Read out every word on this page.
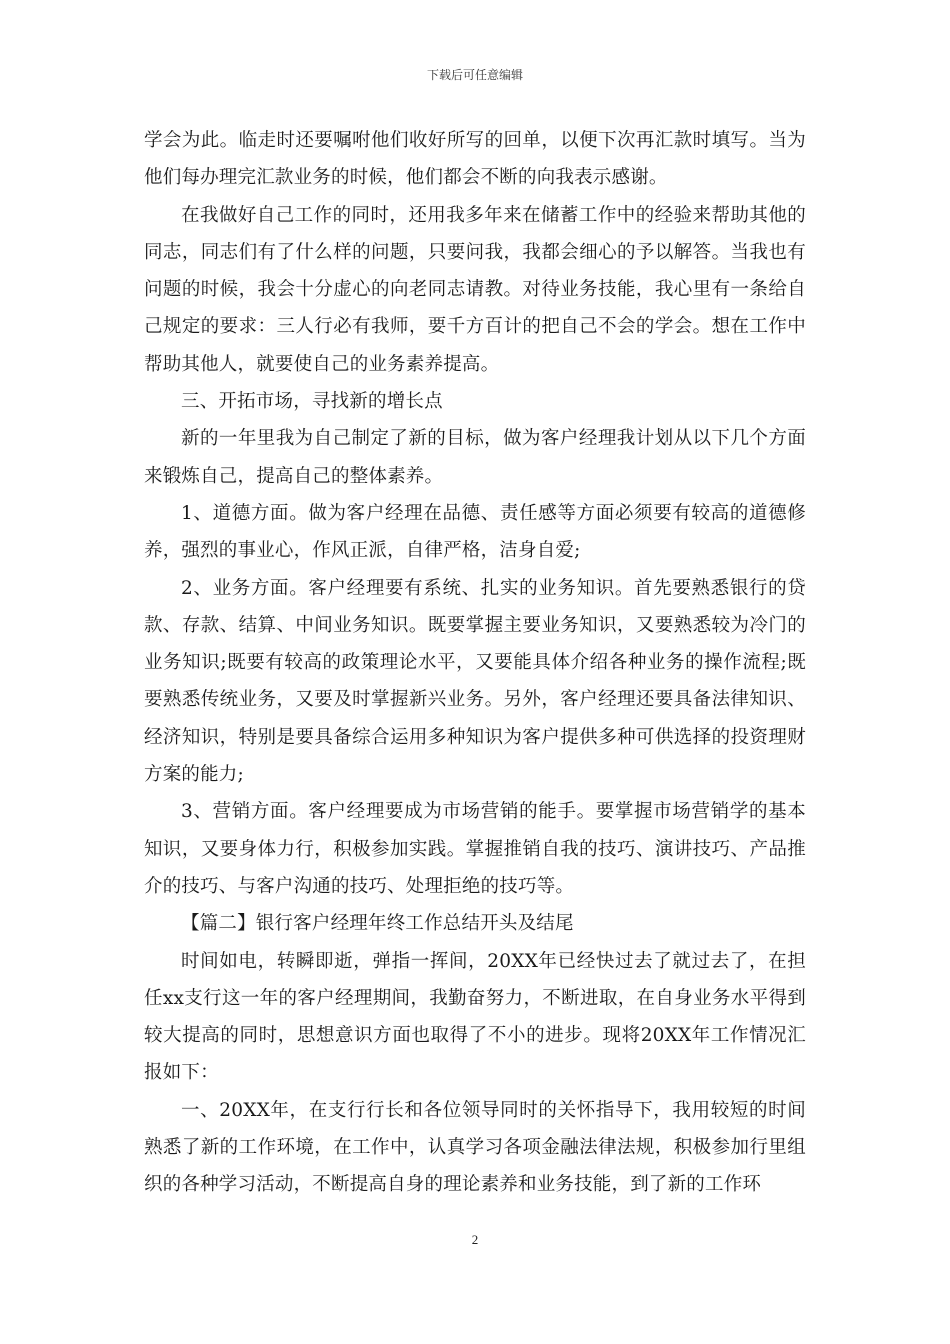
下载后可任意编辑

学会为此。临走时还要嘱咐他们收好所写的回单，以便下次再汇款时填写。当为他们每办理完汇款业务的时候，他们都会不断的向我表示感谢。

在我做好自己工作的同时，还用我多年来在储蓄工作中的经验来帮助其他的同志，同志们有了什么样的问题，只要问我，我都会细心的予以解答。当我也有问题的时候，我会十分虚心的向老同志请教。对待业务技能，我心里有一条给自己规定的要求：三人行必有我师，要千方百计的把自己不会的学会。想在工作中帮助其他人，就要使自己的业务素养提高。

三、开拓市场，寻找新的增长点

新的一年里我为自己制定了新的目标，做为客户经理我计划从以下几个方面来锻炼自己，提高自己的整体素养。

1、道德方面。做为客户经理在品德、责任感等方面必须要有较高的道德修养，强烈的事业心，作风正派，自律严格，洁身自爱;

2、业务方面。客户经理要有系统、扎实的业务知识。首先要熟悉银行的贷款、存款、结算、中间业务知识。既要掌握主要业务知识，又要熟悉较为冷门的业务知识;既要有较高的政策理论水平，又要能具体介绍各种业务的操作流程;既要熟悉传统业务，又要及时掌握新兴业务。另外，客户经理还要具备法律知识、经济知识，特别是要具备综合运用多种知识为客户提供多种可供选择的投资理财方案的能力;

3、营销方面。客户经理要成为市场营销的能手。要掌握市场营销学的基本知识，又要身体力行，积极参加实践。掌握推销自我的技巧、演讲技巧、产品推介的技巧、与客户沟通的技巧、处理拒绝的技巧等。

【篇二】银行客户经理年终工作总结开头及结尾

时间如电，转瞬即逝，弹指一挥间，20XX年已经快过去了就过去了，在担任xx支行这一年的客户经理期间，我勤奋努力，不断进取，在自身业务水平得到较大提高的同时，思想意识方面也取得了不小的进步。现将20XX年工作情况汇报如下：

一、20XX年，在支行行长和各位领导同时的关怀指导下，我用较短的时间熟悉了新的工作环境，在工作中，认真学习各项金融法律法规，积极参加行里组织的各种学习活动，不断提高自身的理论素养和业务技能，到了新的工作环

2
